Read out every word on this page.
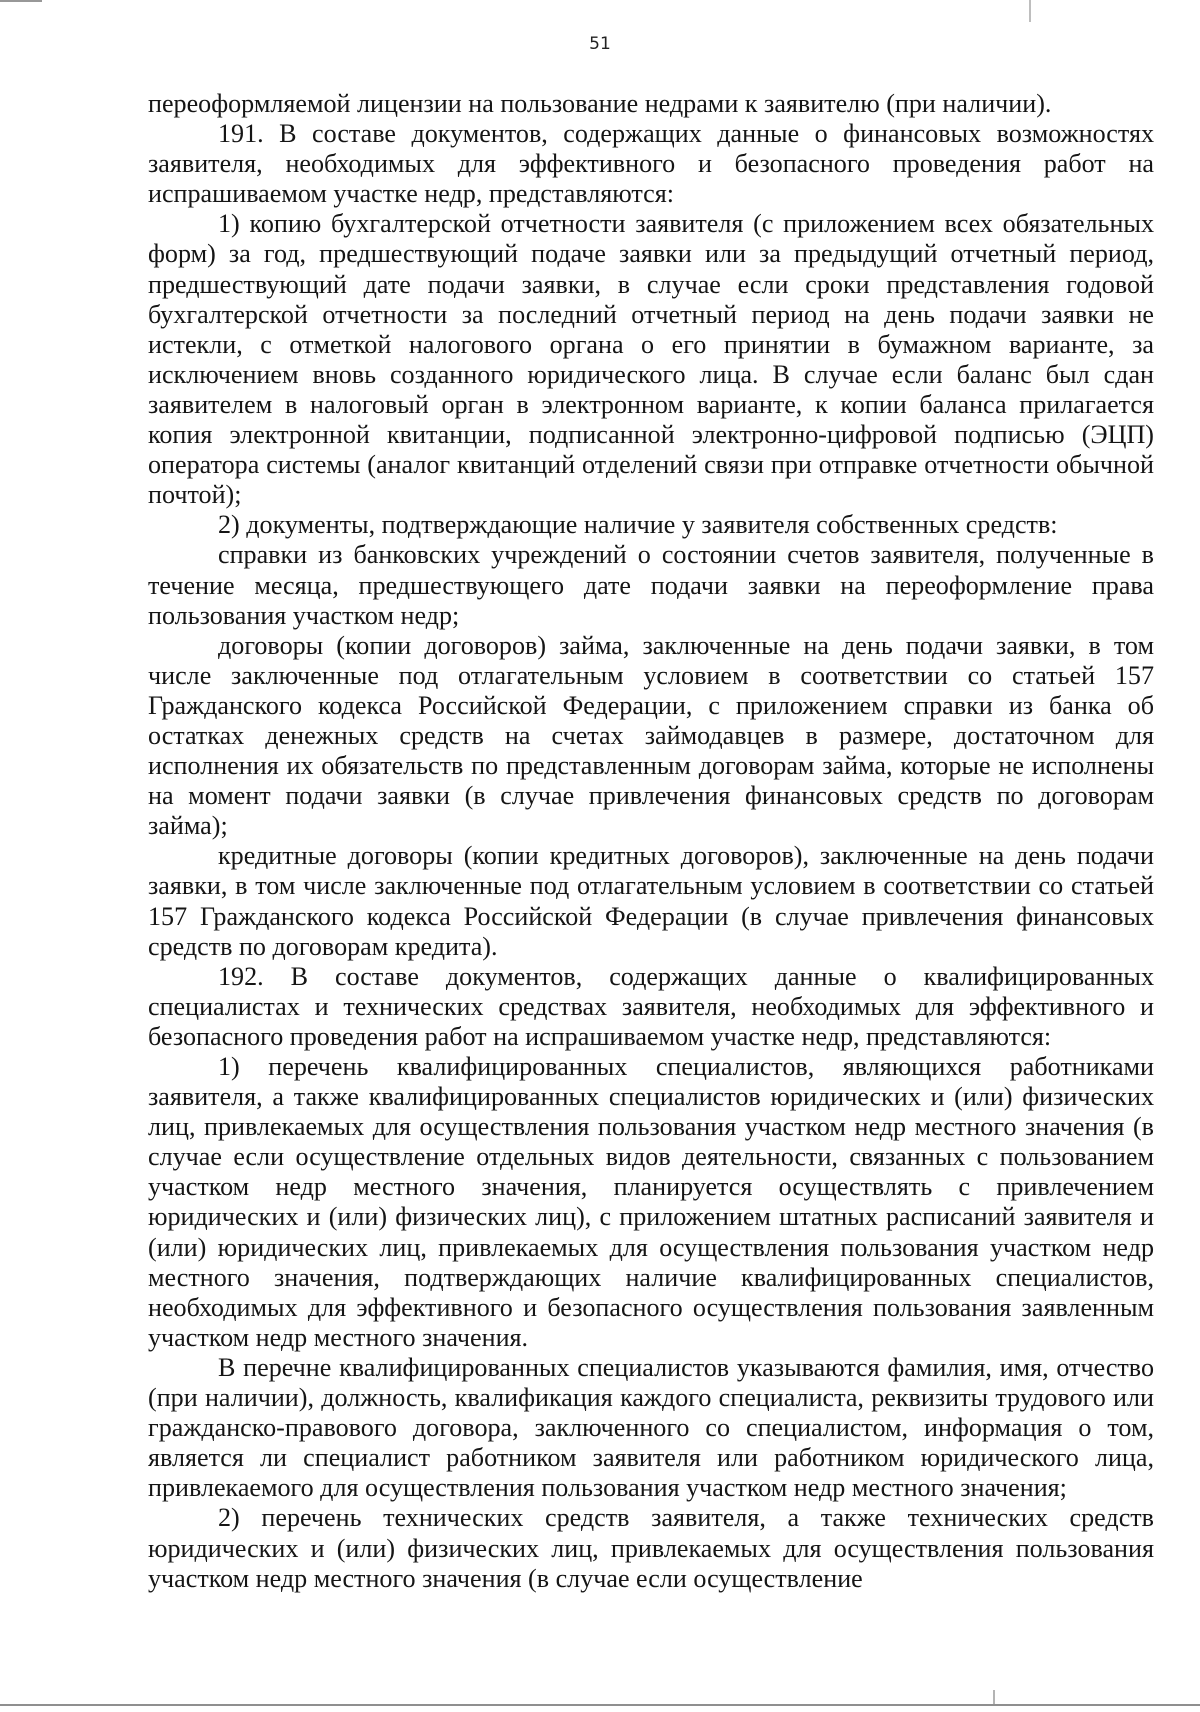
51

переоформляемой лицензии на пользование недрами к заявителю (при наличии).

191. В составе документов, содержащих данные о финансовых возможностях заявителя, необходимых для эффективного и безопасного проведения работ на испрашиваемом участке недр, представляются:

1) копию бухгалтерской отчетности заявителя (с приложением всех обязательных форм) за год, предшествующий подаче заявки или за предыдущий отчетный период, предшествующий дате подачи заявки, в случае если сроки представления годовой бухгалтерской отчетности за последний отчетный период на день подачи заявки не истекли, с отметкой налогового органа о его принятии в бумажном варианте, за исключением вновь созданного юридического лица. В случае если баланс был сдан заявителем в налоговый орган в электронном варианте, к копии баланса прилагается копия электронной квитанции, подписанной электронно-цифровой подписью (ЭЦП) оператора системы (аналог квитанций отделений связи при отправке отчетности обычной почтой);

2) документы, подтверждающие наличие у заявителя собственных средств:

справки из банковских учреждений о состоянии счетов заявителя, полученные в течение месяца, предшествующего дате подачи заявки на переоформление права пользования участком недр;

договоры (копии договоров) займа, заключенные на день подачи заявки, в том числе заключенные под отлагательным условием в соответствии со статьей 157 Гражданского кодекса Российской Федерации, с приложением справки из банка об остатках денежных средств на счетах займодавцев в размере, достаточном для исполнения их обязательств по представленным договорам займа, которые не исполнены на момент подачи заявки (в случае привлечения финансовых средств по договорам займа);

кредитные договоры (копии кредитных договоров), заключенные на день подачи заявки, в том числе заключенные под отлагательным условием в соответствии со статьей 157 Гражданского кодекса Российской Федерации (в случае привлечения финансовых средств по договорам кредита).

192. В составе документов, содержащих данные о квалифицированных специалистах и технических средствах заявителя, необходимых для эффективного и безопасного проведения работ на испрашиваемом участке недр, представляются:

1) перечень квалифицированных специалистов, являющихся работниками заявителя, а также квалифицированных специалистов юридических и (или) физических лиц, привлекаемых для осуществления пользования участком недр местного значения (в случае если осуществление отдельных видов деятельности, связанных с пользованием участком недр местного значения, планируется осуществлять с привлечением юридических и (или) физических лиц), с приложением штатных расписаний заявителя и (или) юридических лиц, привлекаемых для осуществления пользования участком недр местного значения, подтверждающих наличие квалифицированных специалистов, необходимых для эффективного и безопасного осуществления пользования заявленным участком недр местного значения.

В перечне квалифицированных специалистов указываются фамилия, имя, отчество (при наличии), должность, квалификация каждого специалиста, реквизиты трудового или гражданско-правового договора, заключенного со специалистом, информация о том, является ли специалист работником заявителя или работником юридического лица, привлекаемого для осуществления пользования участком недр местного значения;

2) перечень технических средств заявителя, а также технических средств юридических и (или) физических лиц, привлекаемых для осуществления пользования участком недр местного значения (в случае если осуществление
